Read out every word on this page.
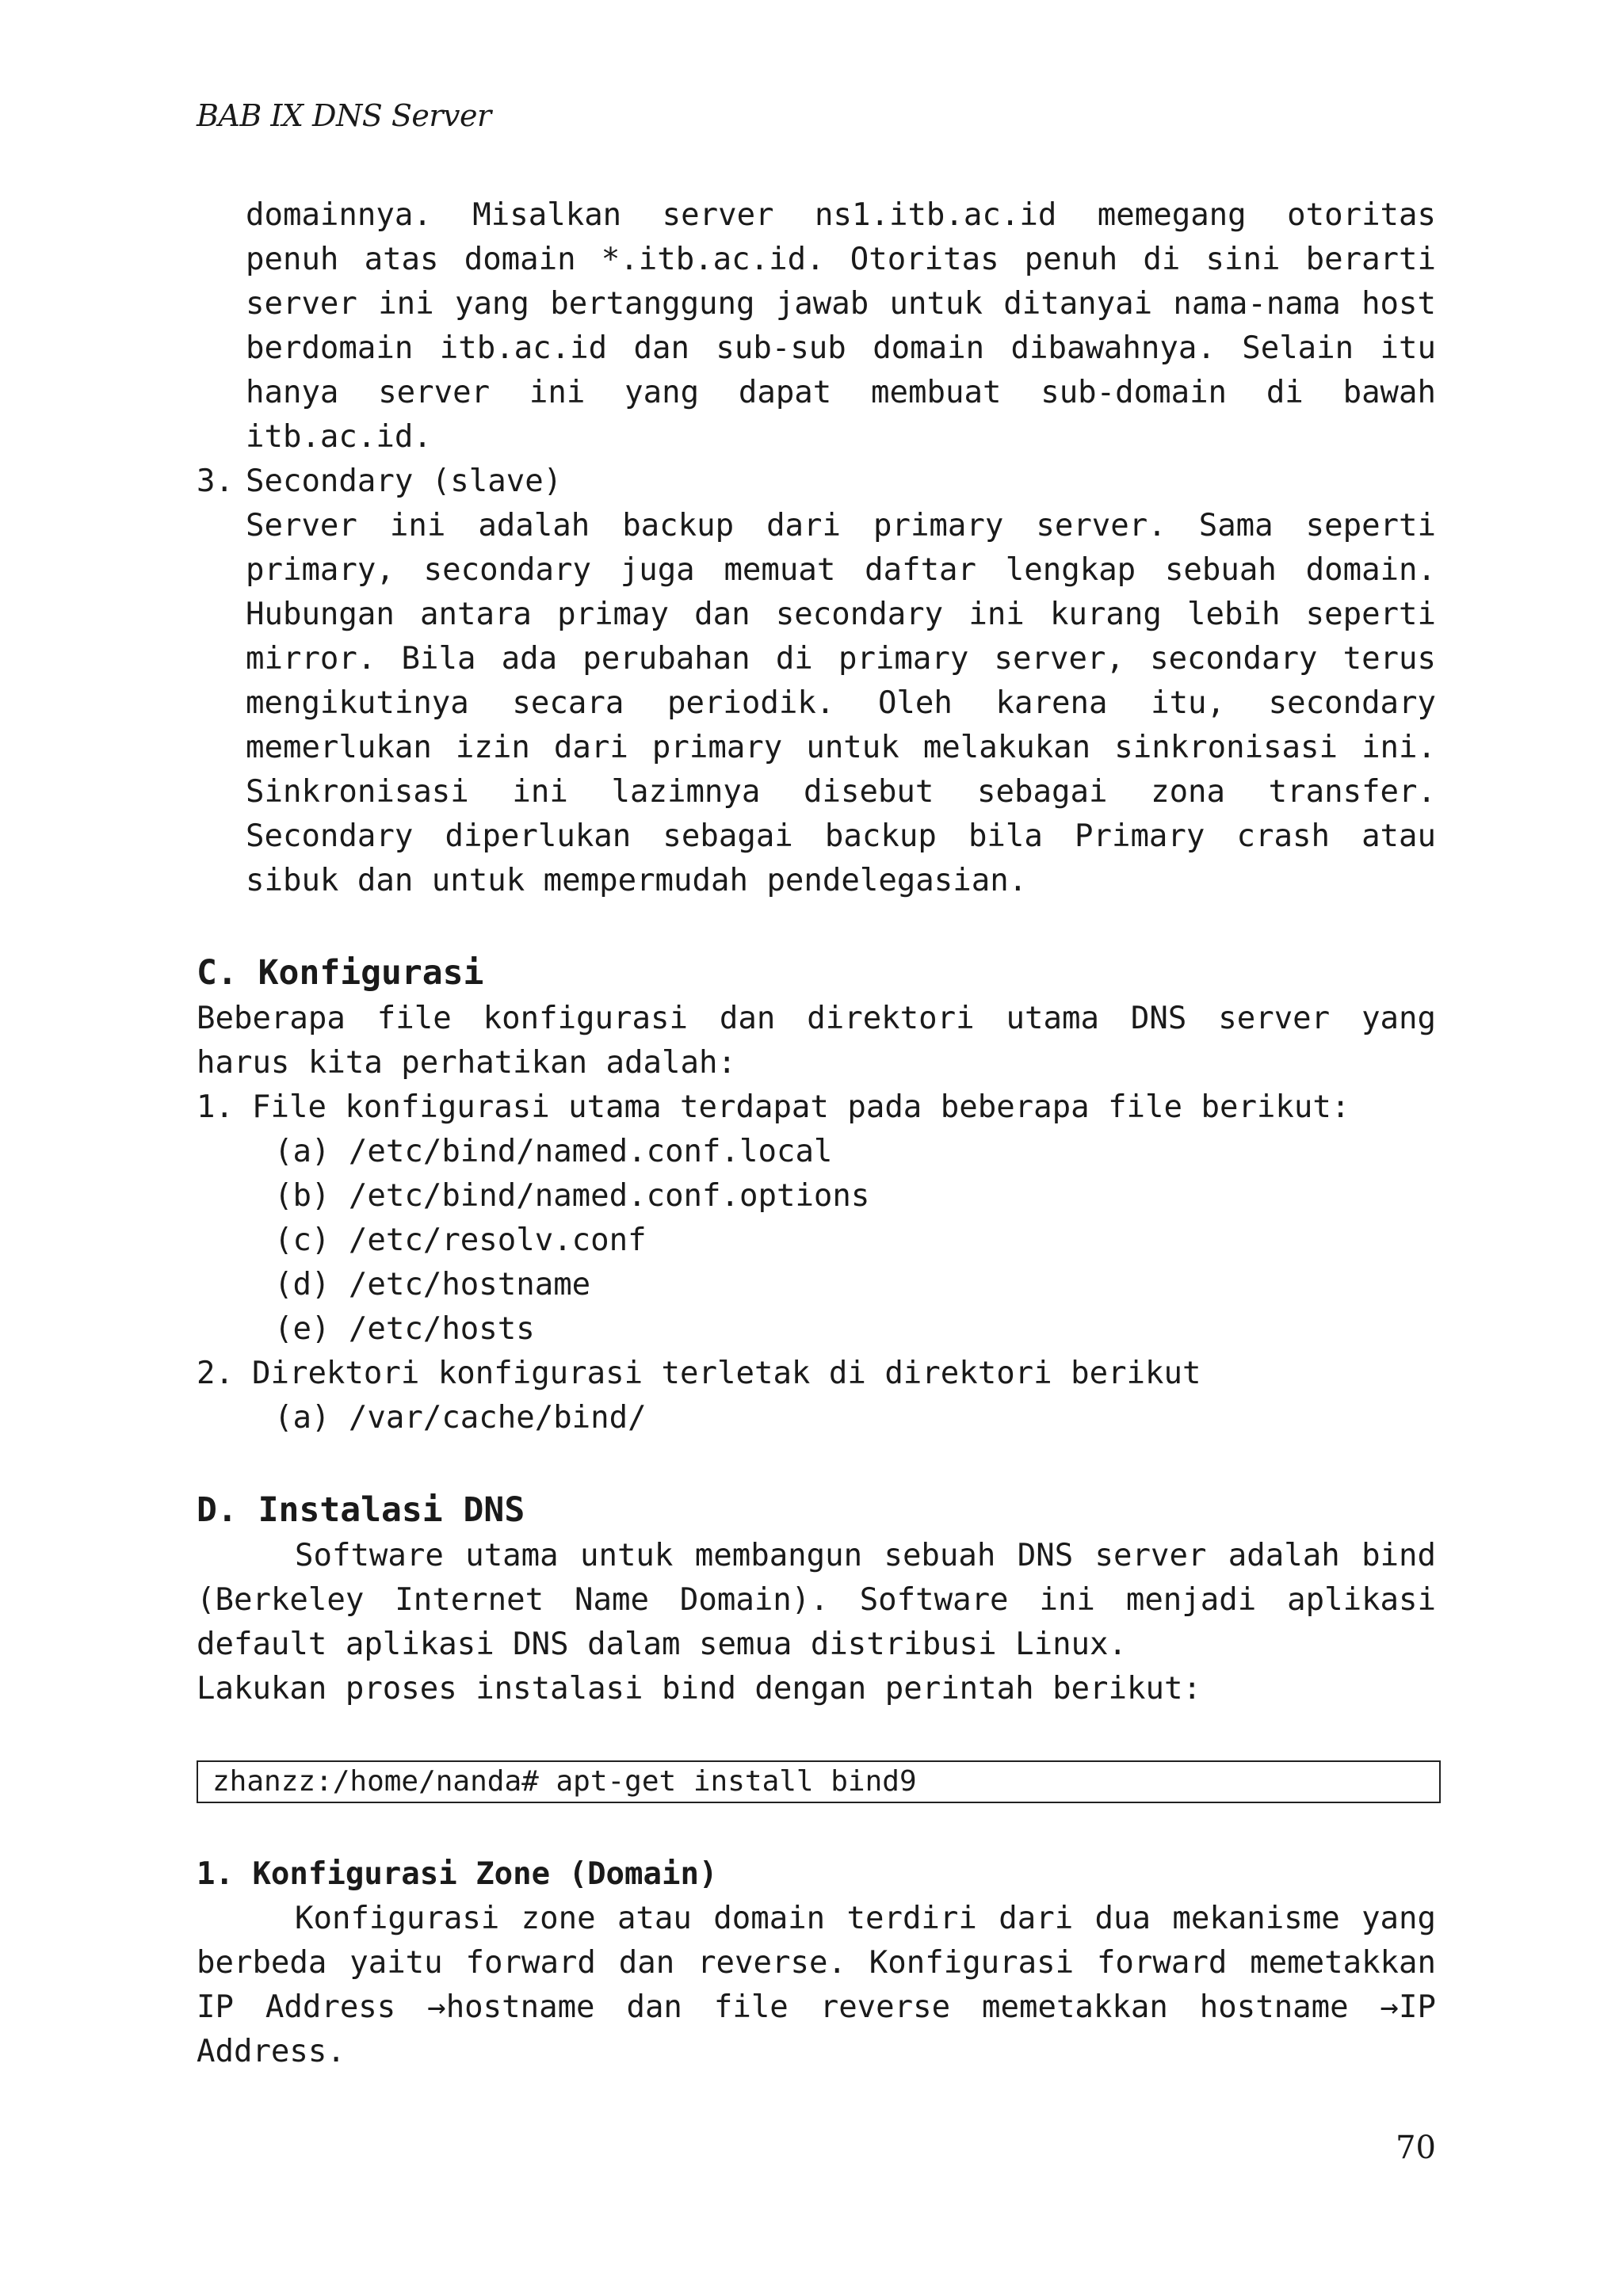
BAB IX DNS Server

domainnya. Misalkan server ns1.itb.ac.id memegang otoritas penuh atas domain *.itb.ac.id. Otoritas penuh di sini berarti server ini yang bertanggung jawab untuk ditanyai nama-nama host berdomain itb.ac.id dan sub-sub domain dibawahnya. Selain itu hanya server ini yang dapat membuat sub-domain di bawah itb.ac.id.

3. Secondary (slave)

Server ini adalah backup dari primary server. Sama seperti primary, secondary juga memuat daftar lengkap sebuah domain. Hubungan antara primay dan secondary ini kurang lebih seperti mirror. Bila ada perubahan di primary server, secondary terus mengikutinya secara periodik. Oleh karena itu, secondary memerlukan izin dari primary untuk melakukan sinkronisasi ini. Sinkronisasi ini lazimnya disebut sebagai zona transfer. Secondary diperlukan sebagai backup bila Primary crash atau sibuk dan untuk mempermudah pendelegasian.

C. Konfigurasi

Beberapa file konfigurasi dan direktori utama DNS server yang harus kita perhatikan adalah:

1. File konfigurasi utama terdapat pada beberapa file berikut:
(a) /etc/bind/named.conf.local
(b) /etc/bind/named.conf.options
(c) /etc/resolv.conf
(d) /etc/hostname
(e) /etc/hosts
2. Direktori konfigurasi terletak di direktori berikut
(a) /var/cache/bind/
D. Instalasi DNS

Software utama untuk membangun sebuah DNS server adalah bind (Berkeley Internet Name Domain). Software ini menjadi aplikasi default aplikasi DNS dalam semua distribusi Linux.

Lakukan proses instalasi bind dengan perintah berikut:

zhanzz:/home/nanda# apt-get install bind9
1. Konfigurasi Zone (Domain)

Konfigurasi zone atau domain terdiri dari dua mekanisme yang berbeda yaitu forward dan reverse. Konfigurasi forward memetakkan IP Address →hostname dan file reverse memetakkan hostname →IP Address.

70
